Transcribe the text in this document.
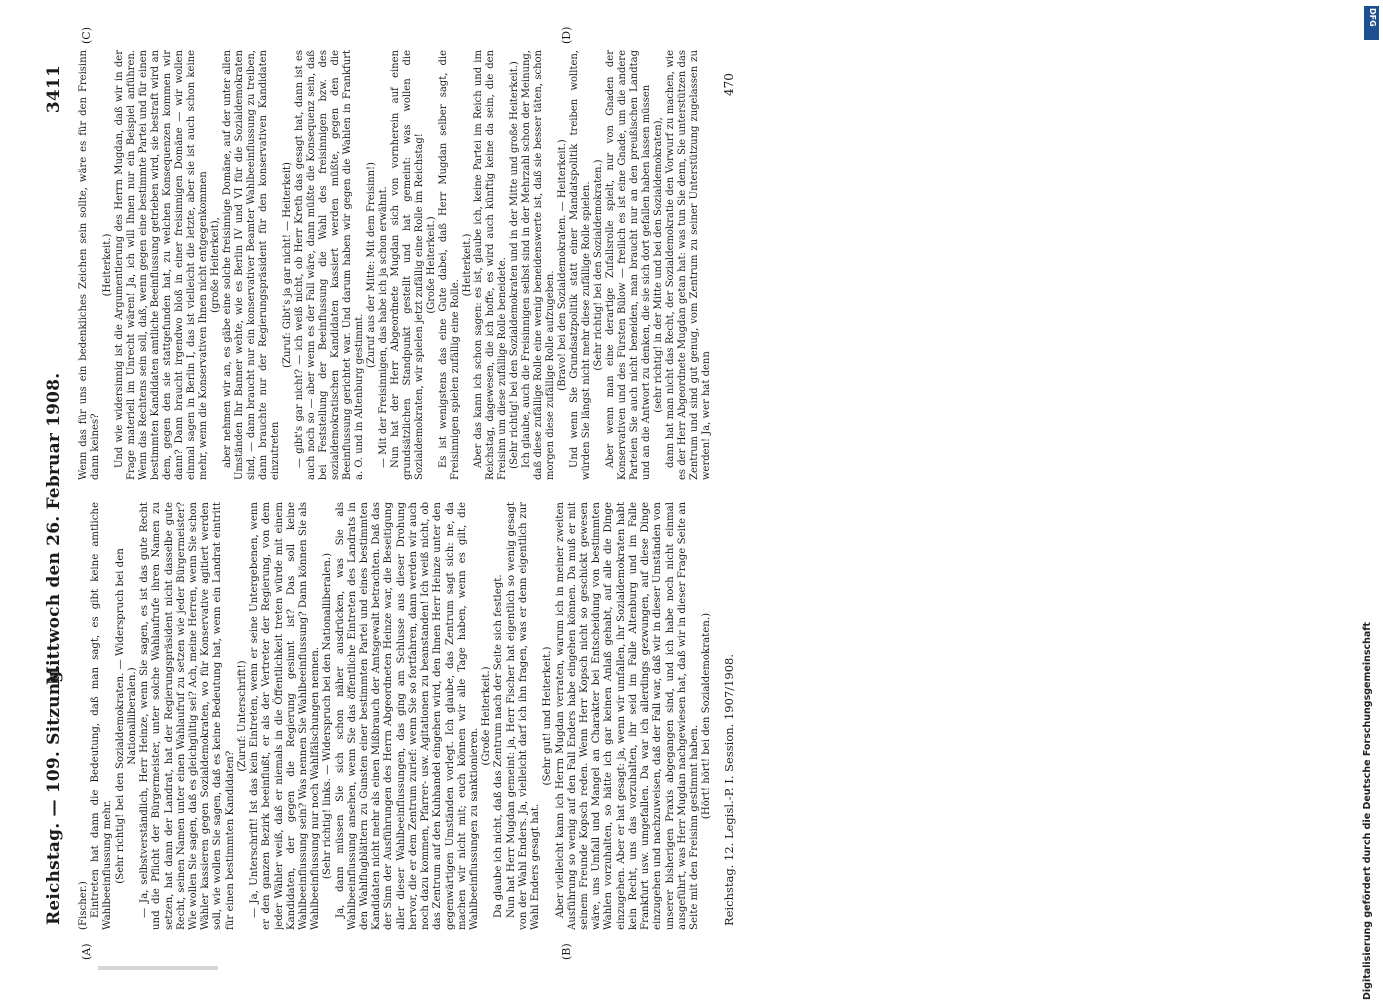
Reichstag. — 109. Sitzung.
Mittwoch den 26. Februar 1908.
3411

(Fischer.) Eintreten hat dann die Bedeutung, daß man sagt, es gibt keine amtliche Wahlbeeinflussung mehr. (Sehr richtig! bei den Sozialdemokraten. — Widerspruch bei den Nationalliberalen.) — Ja, selbstverständlich, Herr Heinze, wenn Sie sagen, es ist das gute Recht und die Pflicht der Bürgermeister, unter solche Wahlaufrufe ihren Namen zu setzen, hat dann der Landrat, hat der Regierungspräsident nicht dasselbe gute Recht, seinen Namen unter einen Wahlaufruf zu setzen wie jeder Bürgermeister? Wie wollen Sie sagen, daß es gleichgültig sei? Ach, meine Herren, wenn Sie schon Wähler kassieren gegen Sozialdemokraten, wo für Konservative agitiert werden soll, wie wollen Sie sagen, daß es keine Bedeutung hat, wenn ein Landrat eintritt für einen bestimmten Kandidaten?

(Zuruf: Unterschrift!) — Ja, Unterschrift! Ist das kein Eintreten, wenn er seine Untergebenen, wenn er den ganzen Bezirk beeinflußt, er als der Vertreter der Regierung, von dem jeder Wähler weiß, daß er niemals in die Öffentlichkeit treten würde mit einem Kandidaten, der gegen die Regierung gesinnt ist? Das soll keine Wahlbeeinflussung sein? Was nennen Sie Wahlbeeinflussung? Dann können Sie als Wahlbeeinflussung nur noch Wahlfälschungen nennen. (Sehr richtig! links. — Widerspruch bei den Nationalliberalen.) Ja, dann müssen Sie sich schon näher ausdrücken, was Sie als Wahlbeeinflussung ansehen, wenn Sie das öffentliche Eintreten des Landrats in den Wahlflugblättern zu Gunsten einer bestimmten Partei und eines bestimmten Kandidaten nicht mehr als einen Mißbrauch der Amtsgewalt betrachten. Daß das der Sinn der Ausführungen des Herrn Abgeordneten Heinze war, die Beseitigung aller dieser Wahlbeeinflussungen, das ging am Schlusse aus dieser Drohung hervor, die er dem Zentrum zurief: wenn Sie so fortfahren, dann werden wir auch noch dazu kommen, Pfarrer- usw. Agitationen zu beanstanden! Ich weiß nicht, ob das Zentrum auf den Kuhhandel eingehen wird, den Ihnen Herr Heinze unter den gegenwärtigen Umständen vorlegt. Ich glaube, das Zentrum sagt sich: ne, da machen wir nicht mit; euch können wir alle Tage haben, wenn es gilt, die Wahlbeeinflussungen zu sanktionieren.

(Große Heiterkeit.) Da glaube ich nicht, daß das Zentrum nach der Seite sich festlegt. Nun hat Herr Mugdan gemeint: ja, Herr Fischer hat eigentlich so wenig gesagt von der Wahl Enders. Ja, vielleicht darf ich ihn fragen, was er denn eigentlich zur Wahl Enders gesagt hat.

(Sehr gut! und Heiterkeit.) Aber vielleicht kann ich Herrn Mugdan verraten, warum ich in meiner zweiten Ausführung so wenig auf den Fall Enders habe eingehen können. Da muß er mit seinem Freunde Kopsch reden. Wenn Herr Kopsch nicht so geschickt gewesen wäre, uns Umfall und Mangel an Charakter bei Entscheidung von bestimmten Wahlen vorzuhalten, so hätte ich gar keinen Anlaß gehabt, auf alle die Dinge einzugehen. Aber er hat gesagt: ja, wenn wir umfallen, ihr Sozialdemokraten habt kein Recht, uns das vorzuhalten, ihr seid im Falle Altenburg und im Falle Frankfurt usw. umgefallen. Da war ich allerdings gezwungen, auf diese Dinge einzugehen und nachzuweisen, daß der Fall war, daß wir in dieser Umständen von unserer bisherigen Praxis abgegangen sind, und ich habe noch nicht einmal ausgeführt, was Herr Mugdan nachgewiesen hat, daß wir in dieser Frage Seite an Seite mit den Freisinn gestimmt haben.

(Hört! hört! bei den Sozialdemokraten.)

Wenn das für uns ein bedenkliches Zeichen sein sollte, wäre es für den Freisinn dann keines?

(Heiterkeit.) Und wie widersinnig ist die Argumentierung des Herrn Mugdan, daß wir in der Frage materiell im Unrecht wären! Ja, ich will Ihnen nur ein Beispiel anführen. Wenn das Rechtens sein soll, daß, wenn gegen eine bestimmte Partei und für einen bestimmten Kandidaten amtliche Beeinflussung getrieben wird, sie bestraft wird an dem, gegen den sie stattgefunden hat, zu welchen Konsequenzen kommen wir dann? Dann braucht irgendwo bloß in einer freisinnigen Domäne — wir wollen einmal sagen in Berlin I, das ist vielleicht die letzte, aber sie ist auch schon keine mehr, wenn die Konservativen Ihnen nicht entgegenkommen (große Heiterkeit), aber nehmen wir an, es gäbe eine solche freisinnige Domäne, auf der unter allen Umständen Ihr Banner wehte, wie es Berlin IV und VI für die Sozialdemokraten sind, — dann braucht nur ein konservativer Beamter Wahlbeeinflussung zu treiben, dann brauchte nur der Regierungspräsident für den konservativen Kandidaten einzutreten

(Zuruf: Gibt's ja gar nicht! — Heiterkeit) — gibt's gar nicht? — ich weiß nicht, ob Herr Kreth das gesagt hat, dann ist es auch noch so — aber wenn es der Fall wäre, dann müßte die Konsequenz sein, daß bei Feststellung der Beeinflussung die Wahl des freisinnigen bzw. des sozialdemokratischen Kandidaten kassiert werden müßte, gegen den die Beeinflussung gerichtet war. Und darum haben wir gegen die Wahlen in Frankfurt a. O. und in Altenburg gestimmt.

(Zuruf aus der Mitte: Mit dem Freisinn!) — Mit der Freisinnigen, das habe ich ja schon erwähnt. Nun hat der Herr Abgeordnete Mugdan sich von vornherein auf einen grundsätzlichen Standpunkt gestellt und hat gemeint: was wollen die Sozialdemokraten, wir spielen jetzt zufällig eine Rolle im Reichstag! (Große Heiterkeit.) Es ist wenigstens das eine Gute dabei, daß Herr Mugdan selber sagt, die Freisinnigen spielen zufällig eine Rolle.

(Heiterkeit.) Aber das kann ich schon sagen: es ist, glaube ich, keine Partei im Reich und im Reichstag, dagewesen, die ich hoffe, es wird auch künftig keine da sein, die den Freisinn um diese zufällige Rolle beneidete. (Sehr richtig! bei den Sozialdemokraten und in der Mitte und große Heiterkeit.) Ich glaube, auch die Freisinnigen selbst sind in der Mehrzahl schon der Meinung, daß diese zufällige Rolle eine wenig beneidenswerte ist, daß sie besser täten, schon morgen diese zufällige Rolle aufzugeben. (Bravo! bei den Sozialdemokraten. — Heiterkeit.) Und wenn Sie Grundsatzpolitik statt einer Mandatspolitik treiben wollten, würden Sie längst nicht mehr diese zufällige Rolle spielen. (Sehr richtig! bei den Sozialdemokraten.) Aber wenn man eine derartige Zufallsrolle spielt, nur von Gnaden der Konservativen und des Fürsten Bülow — freilich es ist eine Gnade, um die andere Parteien Sie auch nicht beneiden, man braucht nur an den preußischen Landtag und an die Antwort zu denken, die sie sich dort gefallen haben lassen müssen (sehr richtig! in der Mitte und bei den Sozialdemokraten), dann hat man nicht das Recht, der Sozialdemokratie den Vorwurf zu machen, wie es der Herr Abgeordnete Mugdan getan hat: was tun Sie denn, Sie unterstützen das Zentrum und sind gut genug, vom Zentrum zu seiner Unterstützung zugelassen zu werden! Ja, wer hat denn

(A)	(B)
(C)	(D)
Reichstag. 12. Legisl.-P. I. Session. 1907/1908.
470
Digitalisierung gefördert durch die Deutsche Forschungsgemeinschaft
DFG
